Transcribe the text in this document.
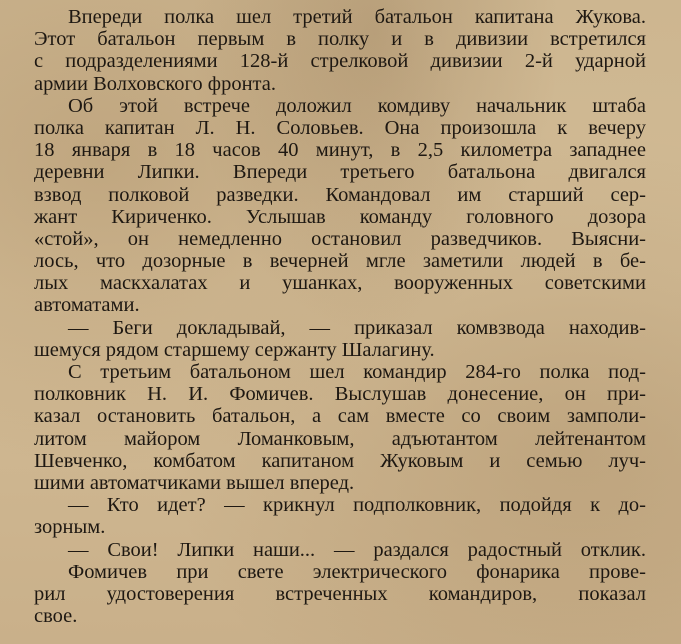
Впереди полка шел третий батальон капитана Жукова.
Этот батальон первым в полку и в дивизии встретился
с подразделениями 128-й стрелковой дивизии 2-й ударной
армии Волховского фронта.
Об этой встрече доложил комдиву начальник штаба
полка капитан Л. Н. Соловьев. Она произошла к вечеру
18 января в 18 часов 40 минут, в 2,5 километра западнее
деревни Липки. Впереди третьего батальона двигался
взвод полковой разведки. Командовал им старший сер-
жант Кириченко. Услышав команду головного дозора
«стой», он немедленно остановил разведчиков. Выясни-
лось, что дозорные в вечерней мгле заметили людей в бе-
лых маскхалатах и ушанках, вооруженных советскими
автоматами.
— Беги докладывай, — приказал комвзвода находив-
шемуся рядом старшему сержанту Шалагину.
С третьим батальоном шел командир 284-го полка под-
полковник Н. И. Фомичев. Выслушав донесение, он при-
казал остановить батальон, а сам вместе со своим замполи-
литом майором Ломанковым, адъютантом лейтенантом
Шевченко, комбатом капитаном Жуковым и семью луч-
шими автоматчиками вышел вперед.
— Кто идет? — крикнул подполковник, подойдя к до-
зорным.
— Свои! Липки наши... — раздался радостный отклик.
Фомичев при свете электрического фонарика прове-
рил удостоверения встреченных командиров, показал
свое.
